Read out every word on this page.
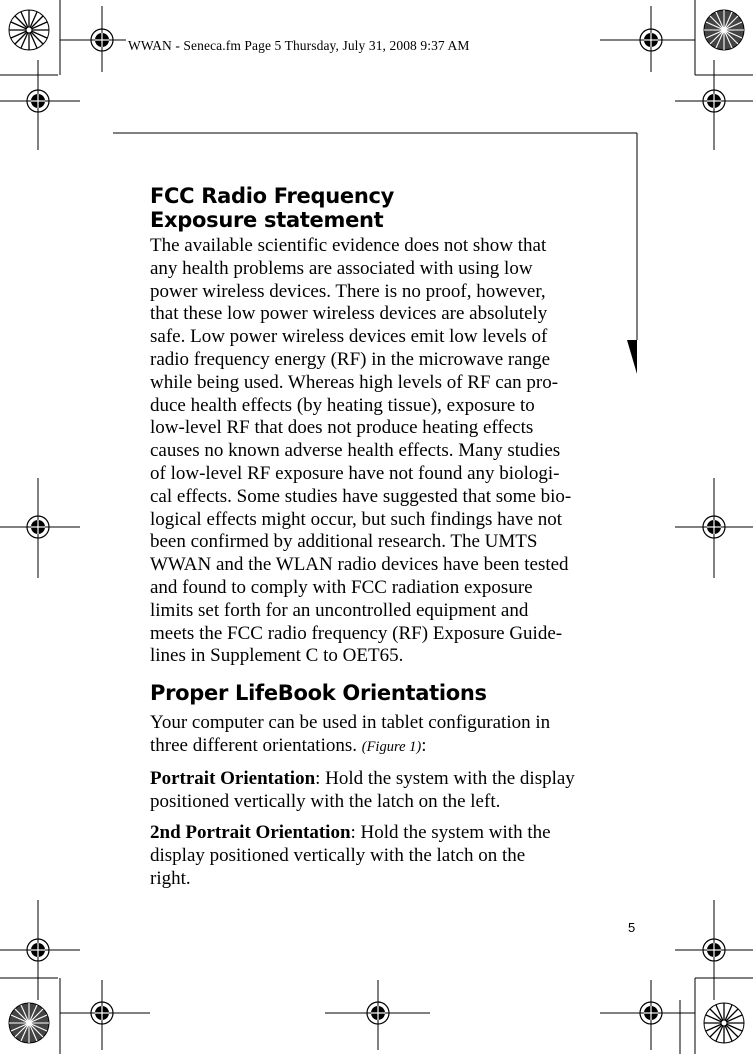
WWAN - Seneca.fm Page 5 Thursday, July 31, 2008 9:37 AM
FCC Radio Frequency
Exposure statement
The available scientific evidence does not show that
any health problems are associated with using low
power wireless devices. There is no proof, however,
that these low power wireless devices are absolutely
safe. Low power wireless devices emit low levels of
radio frequency energy (RF) in the microwave range
while being used. Whereas high levels of RF can pro-
duce health effects (by heating tissue), exposure to
low-level RF that does not produce heating effects
causes no known adverse health effects. Many studies
of low-level RF exposure have not found any biologi-
cal effects. Some studies have suggested that some bio-
logical effects might occur, but such findings have not
been confirmed by additional research. The UMTS
WWAN and the WLAN radio devices have been tested
and found to comply with FCC radiation exposure
limits set forth for an uncontrolled equipment and
meets the FCC radio frequency (RF) Exposure Guide-
lines in Supplement C to OET65.
Proper LifeBook Orientations
Your computer can be used in tablet configuration in
three different orientations. (Figure 1):
Portrait Orientation: Hold the system with the display
positioned vertically with the latch on the left.
2nd Portrait Orientation: Hold the system with the
display positioned vertically with the latch on the
right.
5
